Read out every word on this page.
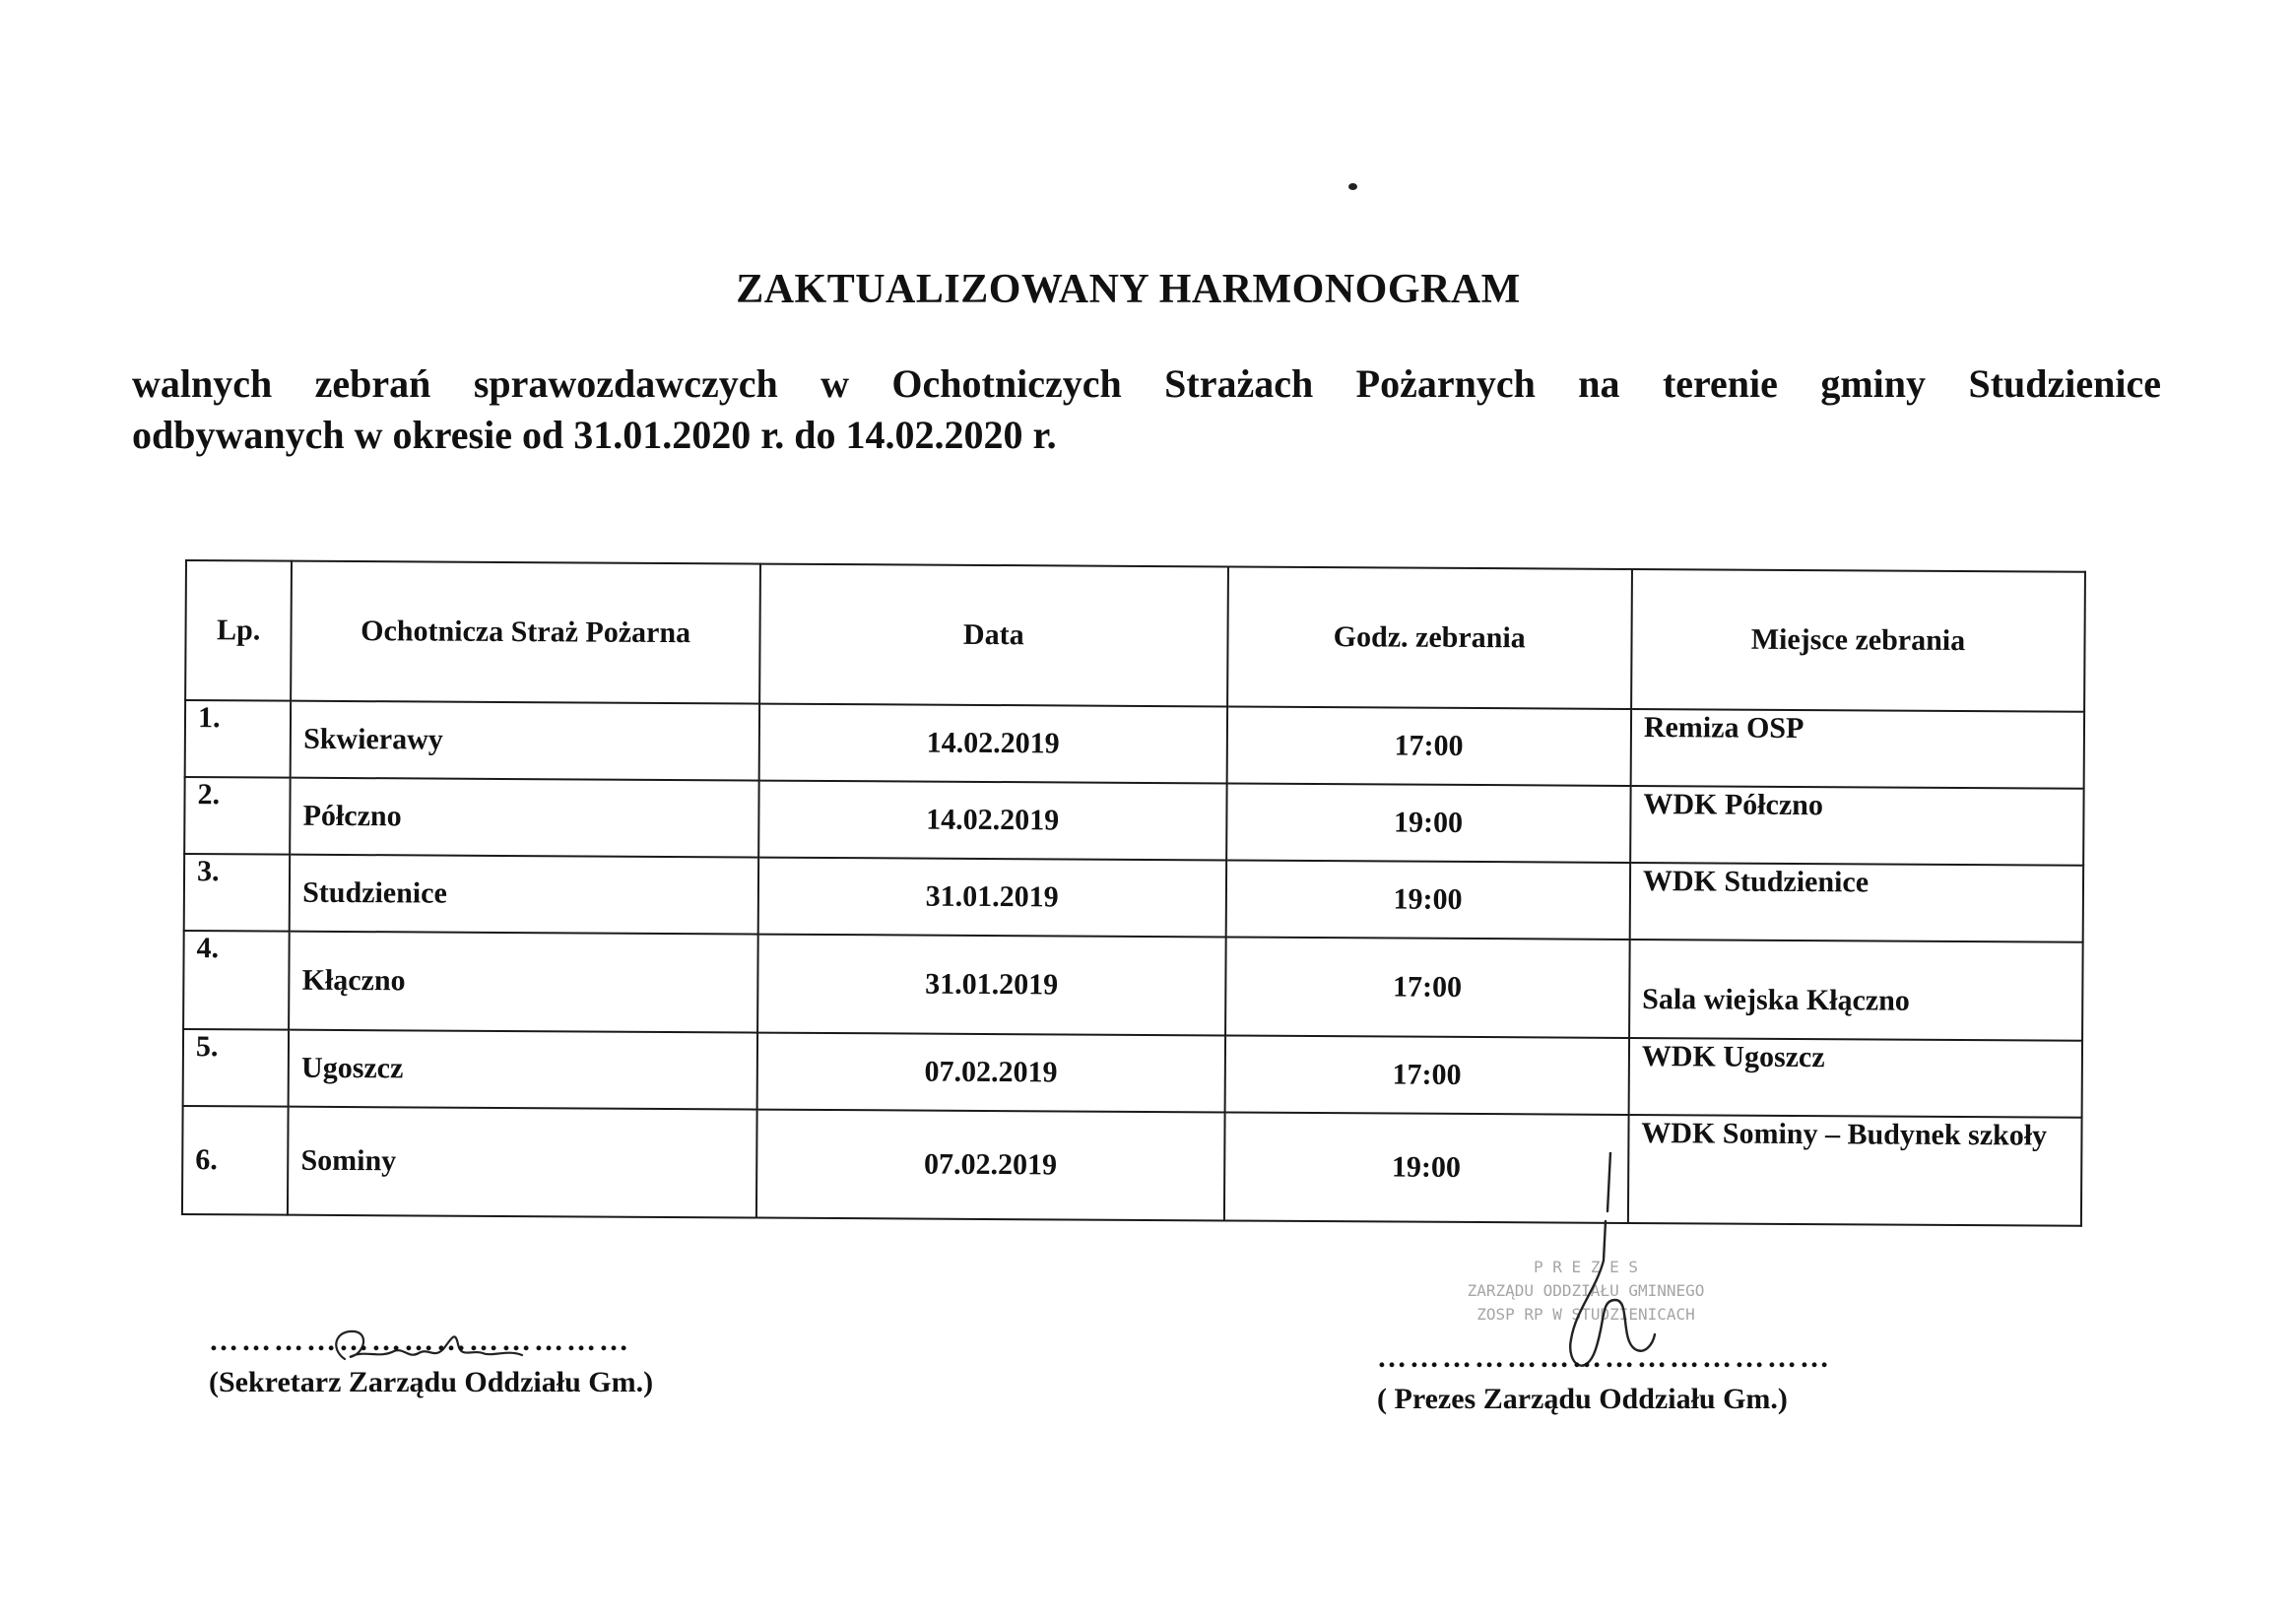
ZAKTUALIZOWANY HARMONOGRAM
walnych zebrań sprawozdawczych w Ochotniczych Strażach Pożarnych na terenie gminy Studzienice
odbywanych w okresie od 31.01.2020 r. do 14.02.2020 r.
Lp.	Ochotnicza Straż Pożarna	Data	Godz. zebrania	Miejsce zebrania
1.	Skwierawy	14.02.2019	17:00	Remiza OSP
2.	Półczno	14.02.2019	19:00	WDK Półczno
3.	Studzienice	31.01.2019	19:00	WDK Studzienice
4.	Kłączno	31.01.2019	17:00	Sala wiejska Kłączno
5.	Ugoszcz	07.02.2019	17:00	WDK Ugoszcz
6.	Sominy	07.02.2019	19:00	WDK Sominy – Budynek szkoły
…………………………………
(Sekretarz Zarządu Oddziału Gm.)
P R E Z E S
ZARZĄDU ODDZIAŁU GMINNEGO
ZOSP RP W STUDZIENICACH
……………………………………
( Prezes Zarządu Oddziału Gm.)
